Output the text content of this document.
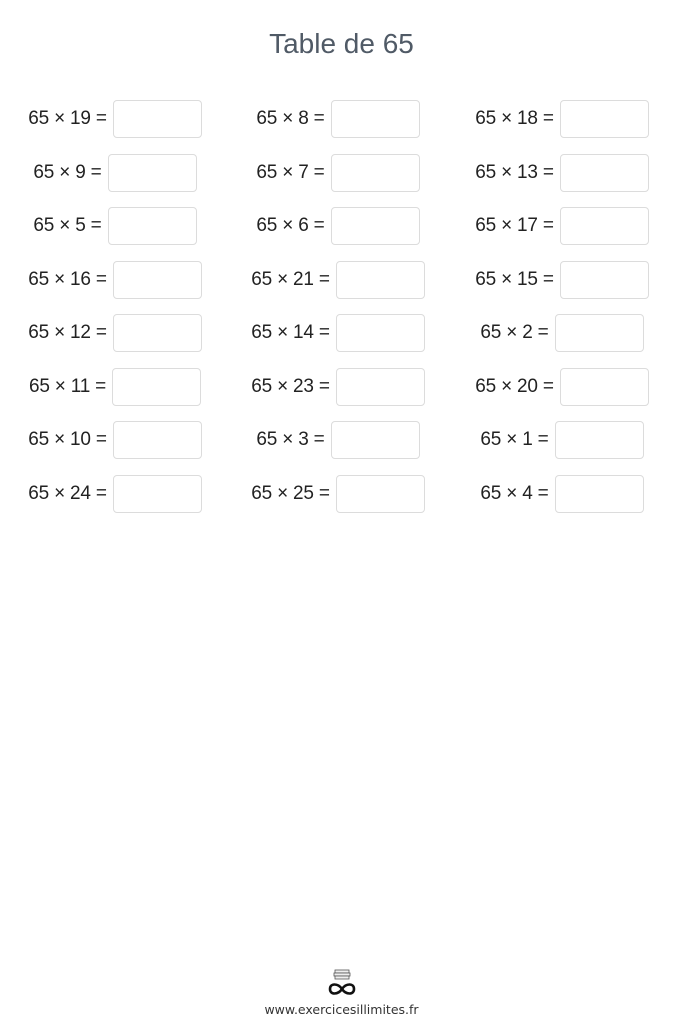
Table de 65
65 × 19 =	65 × 8 =	65 × 18 =
65 × 9 =	65 × 7 =	65 × 13 =
65 × 5 =	65 × 6 =	65 × 17 =
65 × 16 =	65 × 21 =	65 × 15 =
65 × 12 =	65 × 14 =	65 × 2 =
65 × 11 =	65 × 23 =	65 × 20 =
65 × 10 =	65 × 3 =	65 × 1 =
65 × 24 =	65 × 25 =	65 × 4 =
www.exercicesillimites.fr
